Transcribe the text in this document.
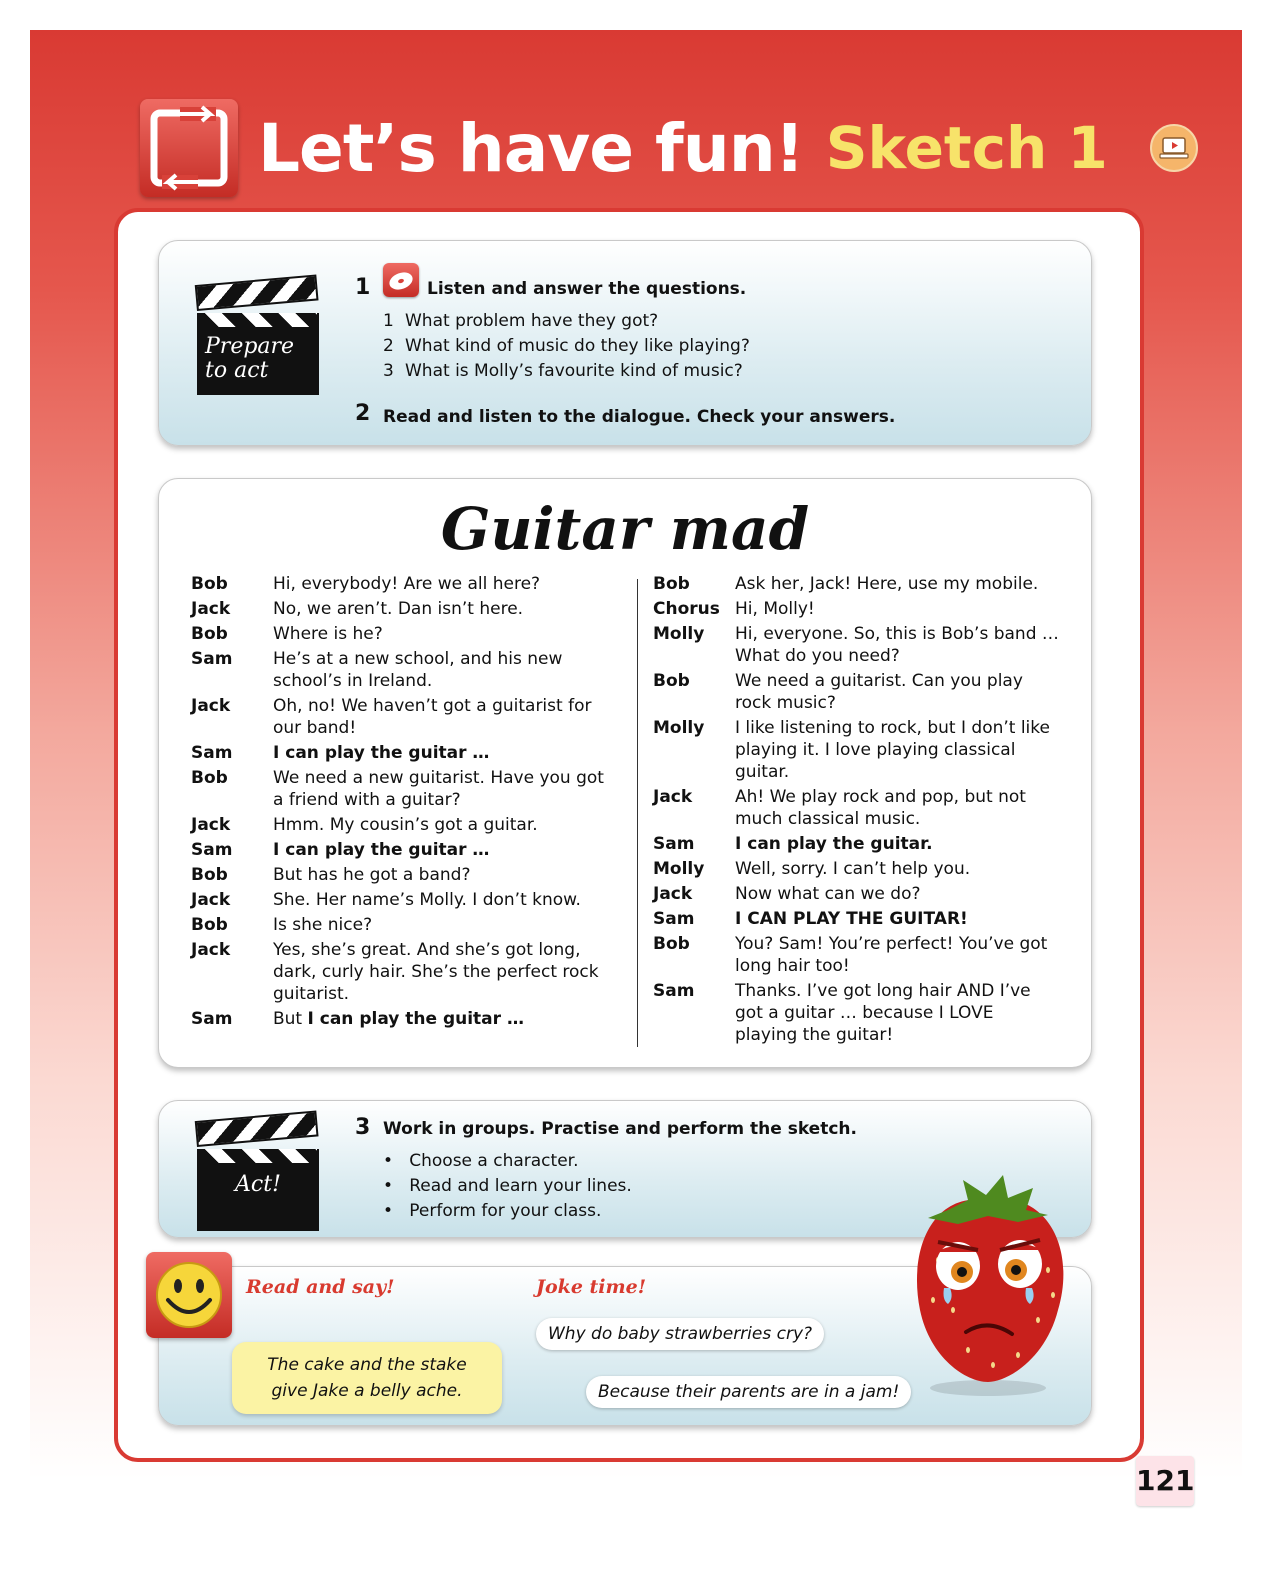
Let’s have fun! Sketch 1
Prepare
to act
1	Listen and answer the questions.
1 What problem have they got?
2 What kind of music do they like playing?
3 What is Molly’s favourite kind of music?
2 Read and listen to the dialogue. Check your answers.
Guitar mad
Bob	Hi, everybody! Are we all here?
Jack	No, we aren’t. Dan isn’t here.
Bob	Where is he?
Sam	He’s at a new school, and his new school’s in Ireland.
Jack	Oh, no! We haven’t got a guitarist for our band!
Sam	I can play the guitar …
Bob	We need a new guitarist. Have you got a friend with a guitar?
Jack	Hmm. My cousin’s got a guitar.
Sam	I can play the guitar …
Bob	But has he got a band?
Jack	She. Her name’s Molly. I don’t know.
Bob	Is she nice?
Jack	Yes, she’s great. And she’s got long, dark, curly hair. She’s the perfect rock guitarist.
Sam	But I can play the guitar …
Bob	Ask her, Jack! Here, use my mobile.
Chorus Hi, Molly!
Molly	Hi, everyone. So, this is Bob’s band … What do you need?
Bob	We need a guitarist. Can you play rock music?
Molly	I like listening to rock, but I don’t like playing it. I love playing classical guitar.
Jack	Ah! We play rock and pop, but not much classical music.
Sam	I can play the guitar.
Molly	Well, sorry. I can’t help you.
Jack	Now what can we do?
Sam	I CAN PLAY THE GUITAR!
Bob	You? Sam! You’re perfect! You’ve got long hair too!
Sam	Thanks. I’ve got long hair AND I’ve got a guitar … because I LOVE playing the guitar!
Act!
3 Work in groups. Practise and perform the sketch.
•   Choose a character.
•   Read and learn your lines.
•   Perform for your class.
Read and say!	Joke time!
The cake and the stake
give Jake a belly ache.
Why do baby strawberries cry?
Because their parents are in a jam!
121
